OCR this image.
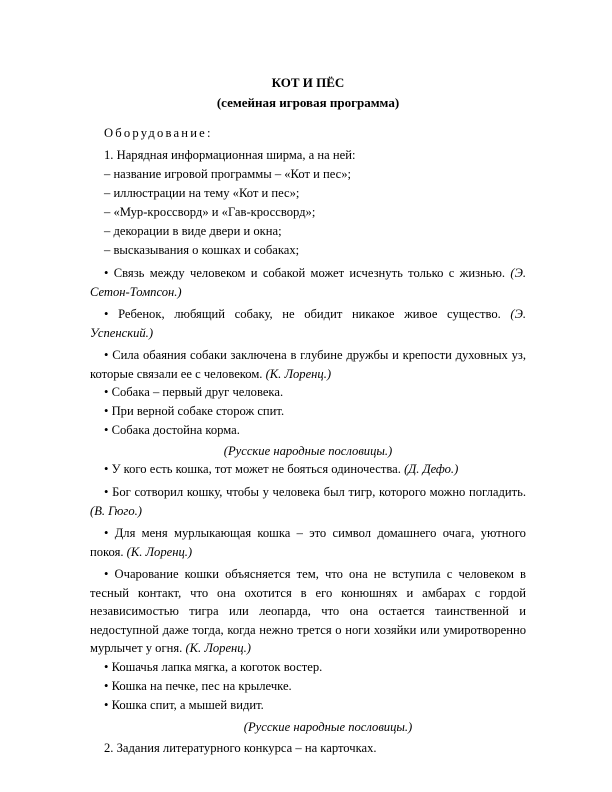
КОТ И ПЁС
(семейная игровая программа)
Оборудование:
1. Нарядная информационная ширма, а на ней:
– название игровой программы – «Кот и пес»;
– иллюстрации на тему «Кот и пес»;
– «Мур-кроссворд» и «Гав-кроссворд»;
– декорации в виде двери и окна;
– высказывания о кошках и собаках;
• Связь между человеком и собакой может исчезнуть только с жизнью. (Э. Сетон-Томпсон.)
• Ребенок, любящий собаку, не обидит никакое живое существо. (Э. Успенский.)
• Сила обаяния собаки заключена в глубине дружбы и крепости духовных уз, которые связали ее с человеком. (К. Лоренц.)
• Собака – первый друг человека.
• При верной собаке сторож спит.
• Собака достойна корма.
(Русские народные пословицы.)
• У кого есть кошка, тот может не бояться одиночества. (Д. Дефо.)
• Бог сотворил кошку, чтобы у человека был тигр, которого можно погладить. (В. Гюго.)
• Для меня мурлыкающая кошка – это символ домашнего очага, уютного покоя. (К. Лоренц.)
• Очарование кошки объясняется тем, что она не вступила с человеком в тесный контакт, что она охотится в его конюшнях и амбарах с гордой независимостью тигра или леопарда, что она остается таинственной и недоступной даже тогда, когда нежно трется о ноги хозяйки или умиротворенно мурлычет у огня. (К. Лоренц.)
• Кошачья лапка мягка, а коготок востер.
• Кошка на печке, пес на крылечке.
• Кошка спит, а мышей видит.
(Русские народные пословицы.)
2. Задания литературного конкурса – на карточках.
